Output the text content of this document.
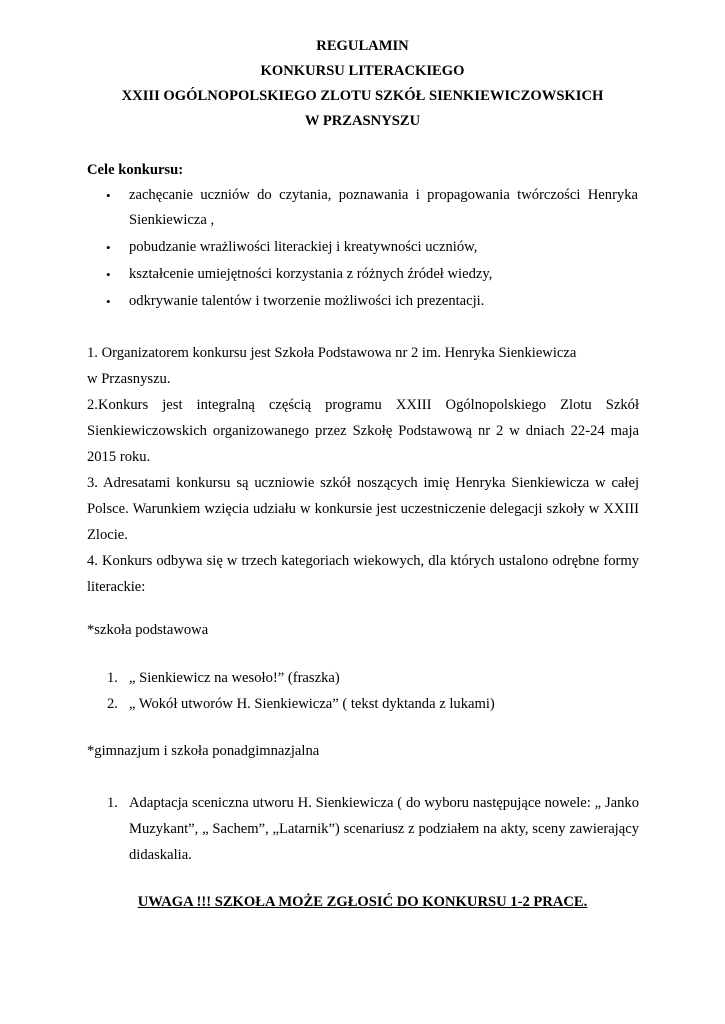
REGULAMIN

KONKURSU LITERACKIEGO

XXIII OGÓLNOPOLSKIEGO ZLOTU SZKÓŁ SIENKIEWICZOWSKICH

W PRZASNYSZU

Cele konkursu:

• zachęcanie uczniów do czytania, poznawania i propagowania twórczości Henryka Sienkiewicza ,
• pobudzanie wrażliwości literackiej i kreatywności uczniów,
• kształcenie umiejętności korzystania z różnych źródeł wiedzy,
• odkrywanie talentów i tworzenie możliwości ich prezentacji.

1. Organizatorem konkursu jest Szkoła Podstawowa nr 2 im. Henryka Sienkiewicza

w Przasnyszu.

2.Konkurs jest integralną częścią programu XXIII Ogólnopolskiego Zlotu Szkół Sienkiewiczowskich organizowanego przez Szkołę Podstawową nr 2 w dniach 22-24 maja 2015 roku.

3. Adresatami konkursu są uczniowie szkół noszących imię Henryka Sienkiewicza w całej Polsce. Warunkiem wzięcia udziału w konkursie jest uczestniczenie delegacji szkoły w XXIII Zlocie.

4. Konkurs odbywa się w trzech kategoriach wiekowych, dla których ustalono odrębne formy literackie:

*szkoła podstawowa

1. „ Sienkiewicz na wesoło!” (fraszka)
2. „ Wokół utworów H. Sienkiewicza” ( tekst dyktanda z lukami)

*gimnazjum i szkoła ponadgimnazjalna

1. Adaptacja sceniczna utworu H. Sienkiewicza ( do wyboru następujące nowele: „ Janko Muzykant”, „ Sachem”, „Latarnik”) scenariusz z podziałem na akty, sceny zawierający didaskalia.

UWAGA !!! SZKOŁA MOŻE ZGŁOSIĆ DO KONKURSU 1-2 PRACE.
